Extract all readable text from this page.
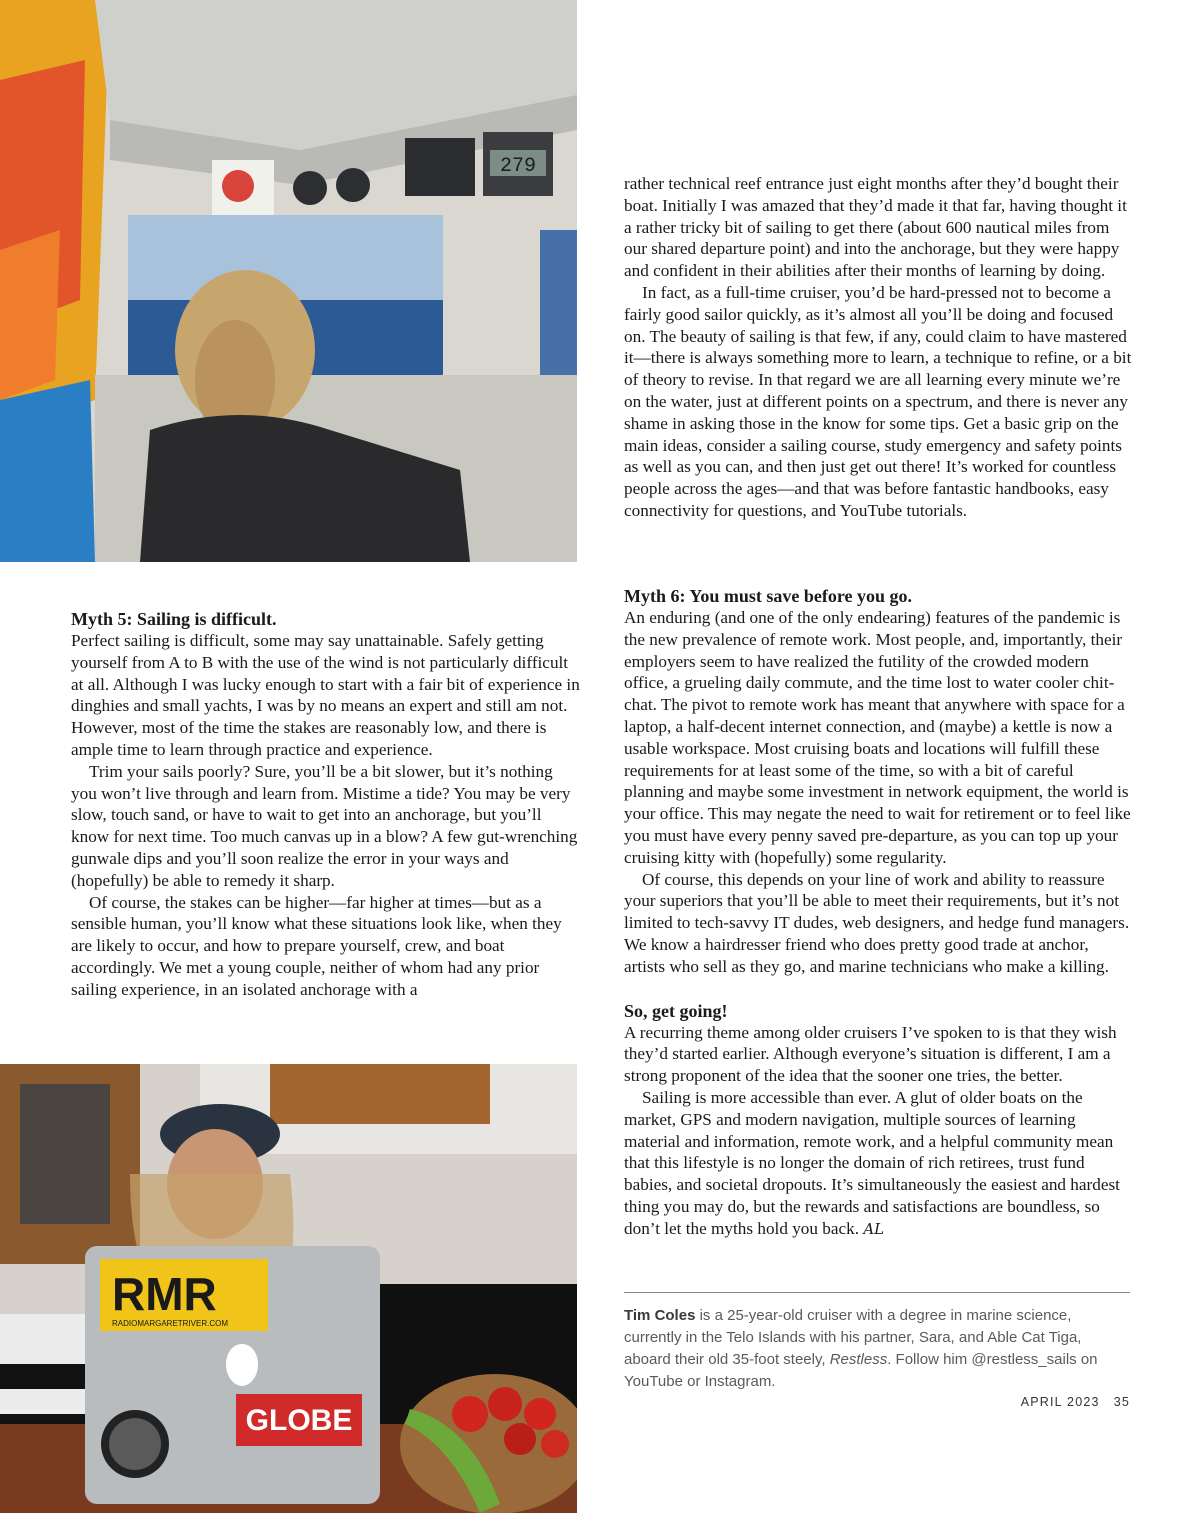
279
RMR
RADIOMARGARETRIVER.COM
GLOBE
Myth 5: Sailing is difficult.

Perfect sailing is difficult, some may say unattainable. Safely getting yourself from A to B with the use of the wind is not particularly difficult at all. Although I was lucky enough to start with a fair bit of experience in dinghies and small yachts, I was by no means an expert and still am not. However, most of the time the stakes are reasonably low, and there is ample time to learn through practice and experience.

Trim your sails poorly? Sure, you’ll be a bit slower, but it’s nothing you won’t live through and learn from. Mistime a tide? You may be very slow, touch sand, or have to wait to get into an anchorage, but you’ll know for next time. Too much canvas up in a blow? A few gut-wrenching gunwale dips and you’ll soon realize the error in your ways and (hopefully) be able to remedy it sharp.

Of course, the stakes can be higher—far higher at times—but as a sensible human, you’ll know what these situations look like, when they are likely to occur, and how to prepare yourself, crew, and boat accordingly. We met a young couple, neither of whom had any prior sailing experience, in an isolated anchorage with a

rather technical reef entrance just eight months after they’d bought their boat. Initially I was amazed that they’d made it that far, having thought it a rather tricky bit of sailing to get there (about 600 nautical miles from our shared departure point) and into the anchorage, but they were happy and confident in their abilities after their months of learning by doing.

In fact, as a full-time cruiser, you’d be hard-pressed not to become a fairly good sailor quickly, as it’s almost all you’ll be doing and focused on. The beauty of sailing is that few, if any, could claim to have mastered it—there is always something more to learn, a technique to refine, or a bit of theory to revise. In that regard we are all learning every minute we’re on the water, just at different points on a spectrum, and there is never any shame in asking those in the know for some tips. Get a basic grip on the main ideas, consider a sailing course, study emergency and safety points as well as you can, and then just get out there! It’s worked for countless people across the ages—and that was before fantastic handbooks, easy connectivity for questions, and YouTube tutorials.

Myth 6: You must save before you go.

An enduring (and one of the only endearing) features of the pandemic is the new prevalence of remote work. Most people, and, importantly, their employers seem to have realized the futility of the crowded modern office, a grueling daily commute, and the time lost to water cooler chit-chat. The pivot to remote work has meant that anywhere with space for a laptop, a half-decent internet connection, and (maybe) a kettle is now a usable workspace. Most cruising boats and locations will fulfill these requirements for at least some of the time, so with a bit of careful planning and maybe some investment in network equipment, the world is your office. This may negate the need to wait for retirement or to feel like you must have every penny saved pre-departure, as you can top up your cruising kitty with (hopefully) some regularity.

Of course, this depends on your line of work and ability to reassure your superiors that you’ll be able to meet their requirements, but it’s not limited to tech-savvy IT dudes, web designers, and hedge fund managers. We know a hairdresser friend who does pretty good trade at anchor, artists who sell as they go, and marine technicians who make a killing.

So, get going!

A recurring theme among older cruisers I’ve spoken to is that they wish they’d started earlier. Although everyone’s situation is different, I am a strong proponent of the idea that the sooner one tries, the better.

Sailing is more accessible than ever. A glut of older boats on the market, GPS and modern navigation, multiple sources of learning material and information, remote work, and a helpful community mean that this lifestyle is no longer the domain of rich retirees, trust fund babies, and societal dropouts. It’s simultaneously the easiest and hardest thing you may do, but the rewards and satisfactions are boundless, so don’t let the myths hold you back. AL

Tim Coles is a 25-year-old cruiser with a degree in marine science, currently in the Telo Islands with his partner, Sara, and Able Cat Tiga, aboard their old 35-foot steely, Restless. Follow him @restless_sails on YouTube or Instagram.
APRIL 2023 35
